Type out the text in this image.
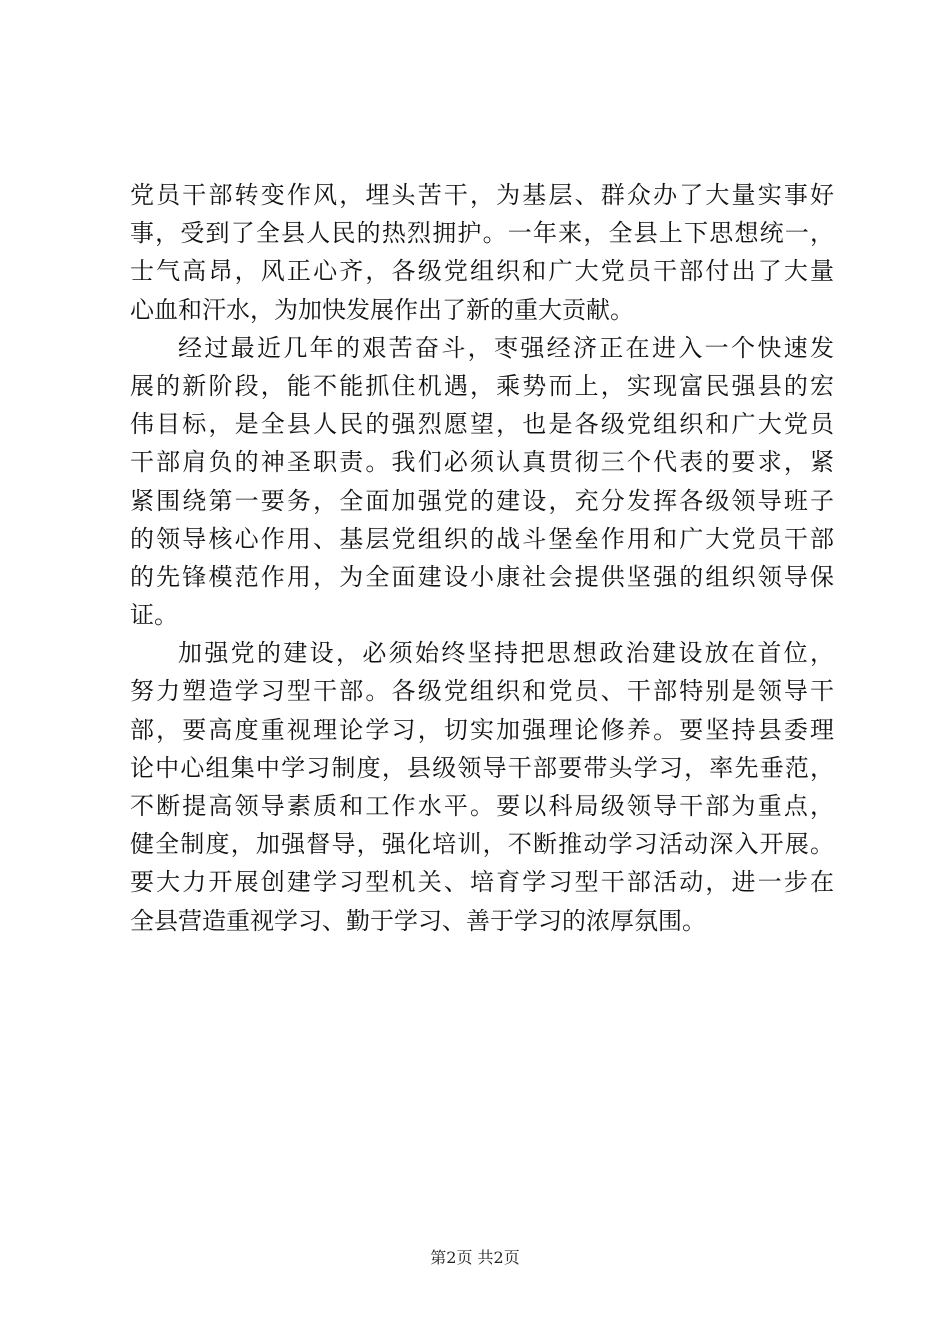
党员干部转变作风，埋头苦干，为基层、群众办了大量实事好
事，受到了全县人民的热烈拥护。一年来，全县上下思想统一，
士气高昂，风正心齐，各级党组织和广大党员干部付出了大量
心血和汗水，为加快发展作出了新的重大贡献。
经过最近几年的艰苦奋斗，枣强经济正在进入一个快速发
展的新阶段，能不能抓住机遇，乘势而上，实现富民强县的宏
伟目标，是全县人民的强烈愿望，也是各级党组织和广大党员
干部肩负的神圣职责。我们必须认真贯彻三个代表的要求，紧
紧围绕第一要务，全面加强党的建设，充分发挥各级领导班子
的领导核心作用、基层党组织的战斗堡垒作用和广大党员干部
的先锋模范作用，为全面建设小康社会提供坚强的组织领导保
证。
加强党的建设，必须始终坚持把思想政治建设放在首位，
努力塑造学习型干部。各级党组织和党员、干部特别是领导干
部，要高度重视理论学习，切实加强理论修养。要坚持县委理
论中心组集中学习制度，县级领导干部要带头学习，率先垂范，
不断提高领导素质和工作水平。要以科局级领导干部为重点，
健全制度，加强督导，强化培训，不断推动学习活动深入开展。
要大力开展创建学习型机关、培育学习型干部活动，进一步在
全县营造重视学习、勤于学习、善于学习的浓厚氛围。
第2页 共2页
